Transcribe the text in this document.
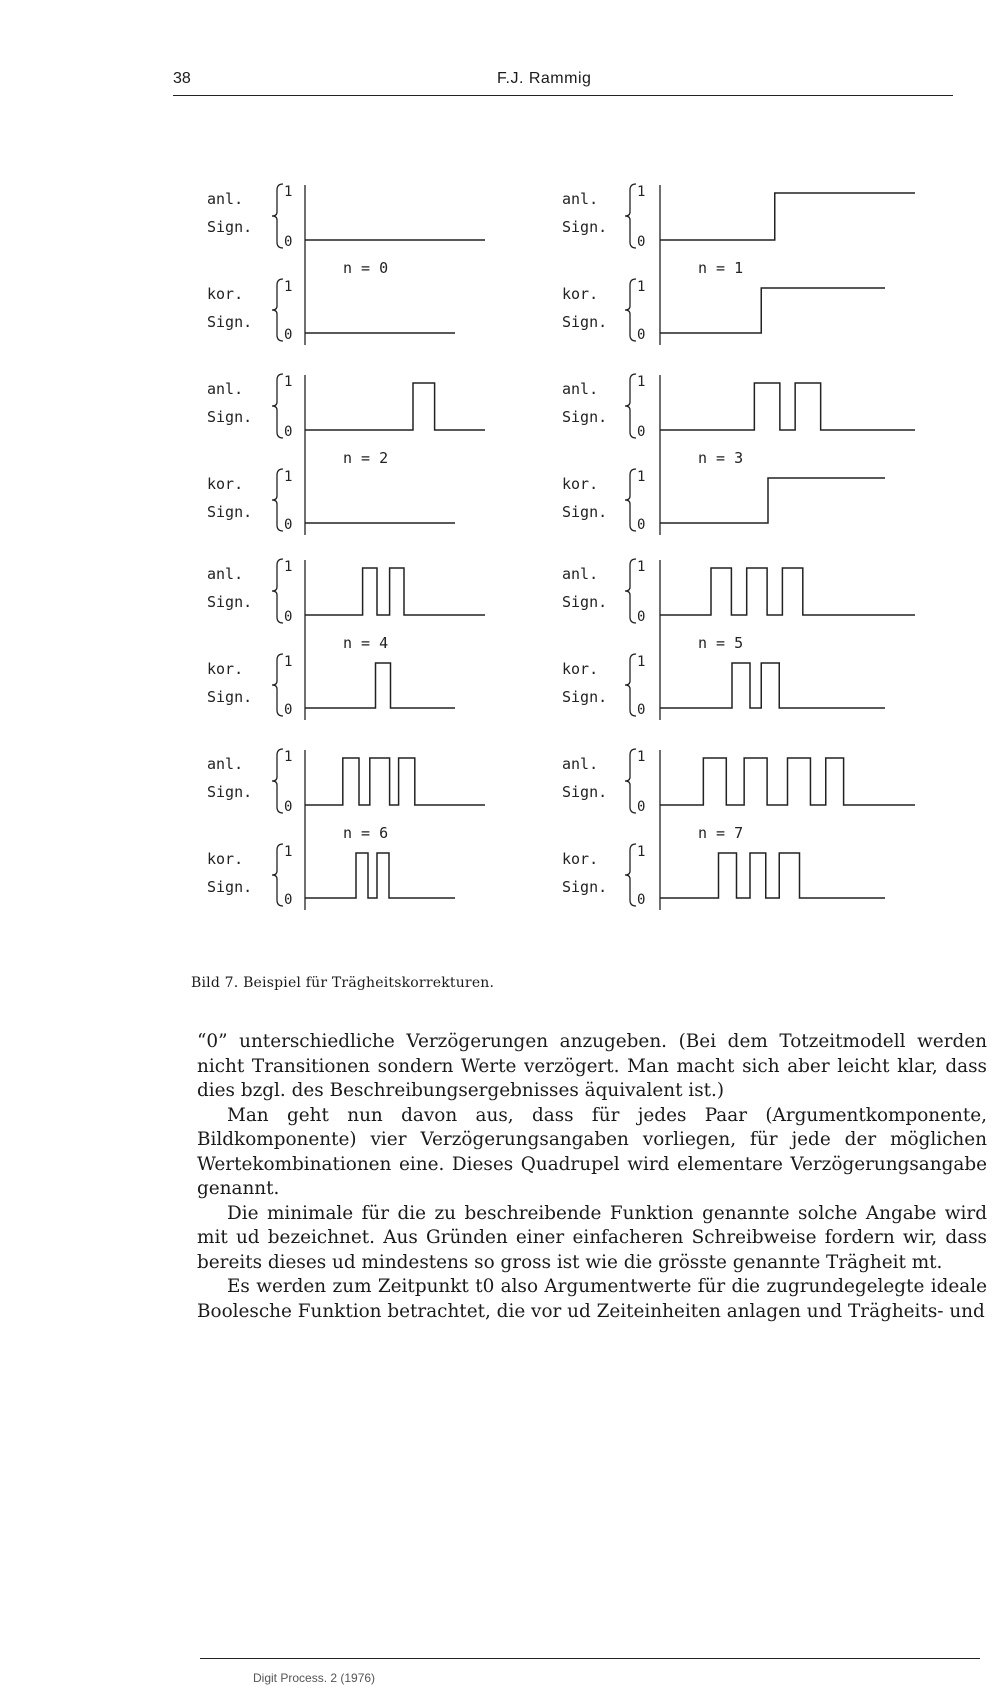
38	F.J. Rammig
anl.
Sign.
1
0
n = 0
kor.
Sign.
1
0
anl.
Sign.
1
0
n = 1
kor.
Sign.
1
0
anl.
Sign.
1
0
n = 2
kor.
Sign.
1
0
anl.
Sign.
1
0
n = 3
kor.
Sign.
1
0
anl.
Sign.
1
0
n = 4
kor.
Sign.
1
0
anl.
Sign.
1
0
n = 5
kor.
Sign.
1
0
anl.
Sign.
1
0
n = 6
kor.
Sign.
1
0
anl.
Sign.
1
0
n = 7
kor.
Sign.
1
0
Bild 7. Beispiel für Trägheitskorrekturen.

“0” unterschiedliche Verzögerungen anzugeben. (Bei dem Totzeitmodell werden nicht Transitionen sondern Werte verzögert. Man macht sich aber leicht klar, dass dies bzgl. des Beschreibungsergebnisses äquivalent ist.)

Man geht nun davon aus, dass für jedes Paar (Argumentkomponente, Bildkomponente) vier Verzögerungsangaben vorliegen, für jede der möglichen Wertekombinationen eine. Dieses Quadrupel wird elementare Verzögerungsangabe genannt.

Die minimale für die zu beschreibende Funktion genannte solche Angabe wird mit ud bezeichnet. Aus Gründen einer einfacheren Schreibweise fordern wir, dass bereits dieses ud mindestens so gross ist wie die grösste genannte Trägheit mt.

Es werden zum Zeitpunkt t0 also Argumentwerte für die zugrundegelegte ideale Boolesche Funktion betrachtet, die vor ud Zeiteinheiten anlagen und Trägheits- und

Digit Process. 2 (1976)
